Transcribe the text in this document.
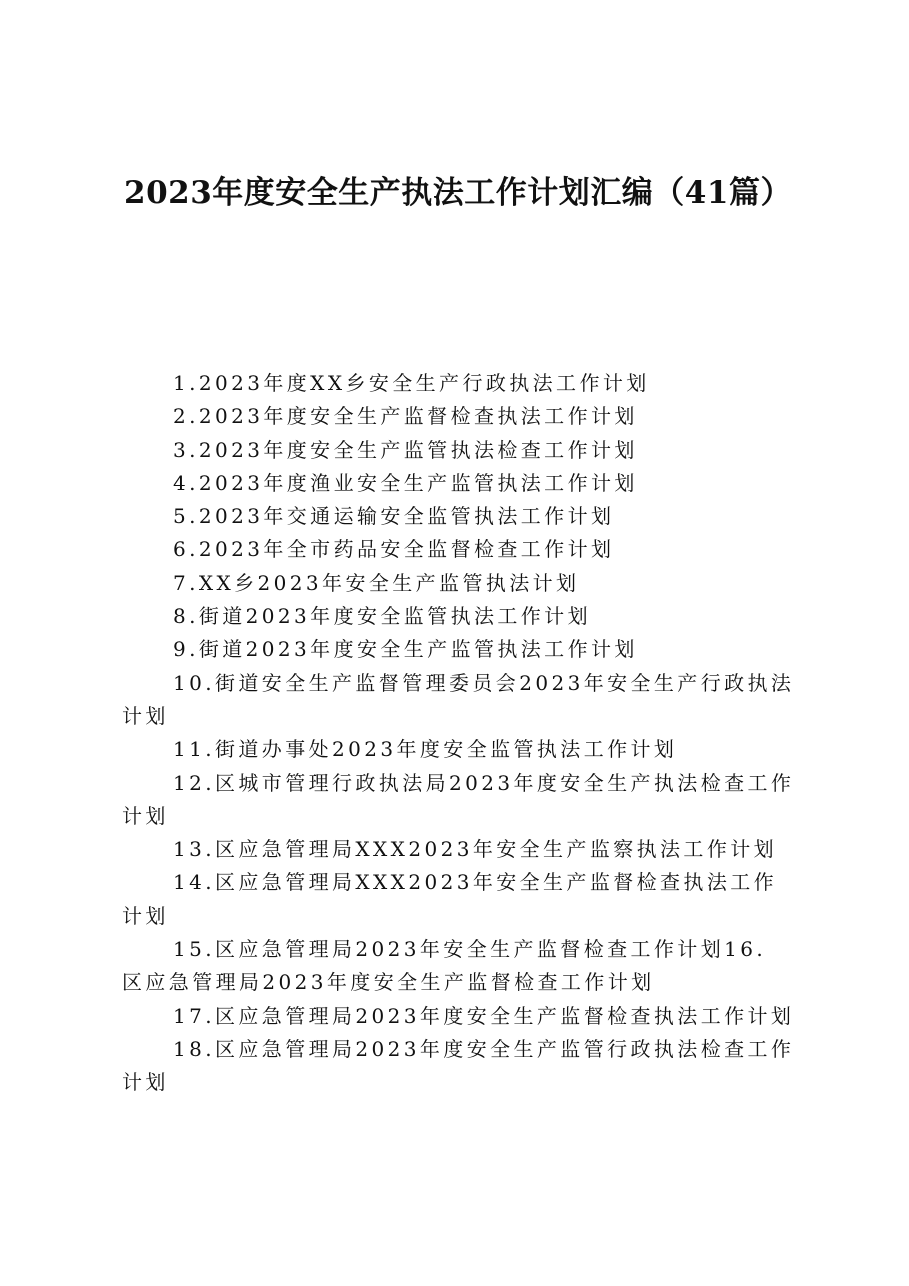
2023年度安全生产执法工作计划汇编（41篇）
1.2023年度XX乡安全生产行政执法工作计划
2.2023年度安全生产监督检查执法工作计划
3.2023年度安全生产监管执法检查工作计划
4.2023年度渔业安全生产监管执法工作计划
5.2023年交通运输安全监管执法工作计划
6.2023年全市药品安全监督检查工作计划
7.XX乡2023年安全生产监管执法计划
8.街道2023年度安全监管执法工作计划
9.街道2023年度安全生产监管执法工作计划
10.街道安全生产监督管理委员会2023年安全生产行政执法计划
11.街道办事处2023年度安全监管执法工作计划
12.区城市管理行政执法局2023年度安全生产执法检查工作计划
13.区应急管理局XXX2023年安全生产监察执法工作计划
14.区应急管理局XXX2023年安全生产监督检查执法工作计划
15.区应急管理局2023年安全生产监督检查工作计划16. 区应急管理局2023年度安全生产监督检查工作计划
17.区应急管理局2023年度安全生产监督检查执法工作计划
18.区应急管理局2023年度安全生产监管行政执法检查工作计划
